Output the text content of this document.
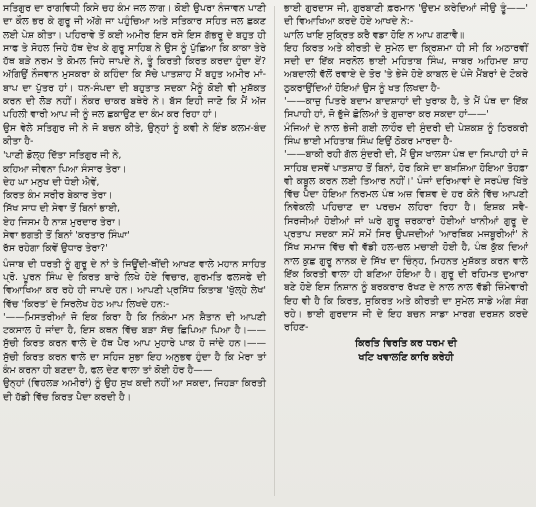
ਸਤਿਗੁਰ ਦਾ ਰਾਗਵਿਧੀ ਕਿਸੇ ਚਹ ਕੰਮ ਜਲ ਲਾਗ। ਕੋਈ ਉਪਰਾ ਨੰਜਾਵਨ ਪਾਣੀ ਦਾ ਕੌਲ ਭਰ ਕੇ ਗੁਰੂ ਜੀ ਅੱਗੇ ਜਾ ਪਹੁੰਚਿਆ ਅਤੇ ਸਤਿਕਾਰ ਸਹਿਤ ਜਲ ਛਕਣ ਲਈ ਪੇਸ਼ ਕੀਤਾ। ਪਹਿਰਾਵੇ ਤੋਂ ਕਈ ਅਮੀਰ ਇਸ ਰਸੇ ਇਸ ਗੱਭਰੂ ਦੇ ਬਹੁਤ ਹੀ ਸਾਫ ਤੇ ਸੋਹਲ ਜਿਹੇ ਹੱਥ ਦੇਖ ਕੇ ਗੁਰੂ ਸਾਹਿਬ ਨੇ ਉਸ ਨੂੰ ਪੁੱਛਿਆ ਕਿ ਕਾਕਾ ਤੇਰੇ ਹੱਥ ਬੜੇ ਨਰਮ ਤੇ ਕੋਮਲ ਜਿਹੇ ਜਾਪਦੇ ਨੇ, ਤੂੰ ਕਿਰਤੀ ਕਿਰਤ ਕਰਦਾ ਹੁੰਦਾ ਏਂ? ਅੱਗਿਉਂ ਨੌਜਵਾਨ ਮੁਸਕਰਾ ਕੇ ਕਹਿੰਦਾ ਕਿ ਸੱਚੇ ਪਾਤਸ਼ਾਹ ਮੈਂ ਬਹੁਤ ਅਮੀਰ ਮਾਂ-ਬਾਪ ਦਾ ਪੁੱਤਰ ਹਾਂ। ਧਨ-ਸੰਪਦਾ ਦੀ ਬਹੁਤਾਤ ਸਦਕਾ ਮੈਨੂੰ ਕੋਈ ਵੀ ਮੁਸ਼ੱਕਤ ਕਰਨ ਦੀ ਲੋੜ ਨਹੀਂ। ਨੌਕਰ ਚਾਕਰ ਬਥੇਰੇ ਨੇ। ਬੱਸ ਇਹੀ ਜਾਣੋ ਕਿ ਮੈਂ ਅੱਜ ਪਹਿਲੀ ਵਾਰੀ ਆਪ ਜੀ ਨੂੰ ਜਲ ਛਕਾਉਣ ਦਾ ਕੰਮ ਕਰ ਰਿਹਾ ਹਾਂ।

ਉਸ ਵੇਲੇ ਸਤਿਗੁਰ ਜੀ ਨੇ ਜੋ ਬਚਨ ਕੀਤੇ, ਉਨ੍ਹਾਂ ਨੂੰ ਕਵੀ ਨੇ ਇੰਝ ਕਲਮ-ਬੰਦ ਕੀਤਾ ਹੈ-

'ਪਾਣੀ ਡੋਲ੍ਹ ਦਿੱਤਾ ਸਤਿਗੁਰ ਜੀ ਨੇ,

ਕਹਿਆ ਜੀਵਨਾ ਪਿਆ ਸੰਸਾਰ ਤੇਰਾ।

ਦੇਹ ਘਾ ਮਨੁਖ ਦੀ ਧੋਈ ਐਵੇਂ,

ਕਿਰਤ ਕੰਮ ਸਰੀਰ ਬੇਕਾਰ ਤੇਰਾ।

ਸਿੱਖ ਸਾਧ ਦੀ ਸੇਵਾ ਤੋਂ ਬਿਨਾਂ ਭਾਈ,

ਏਹ ਜਿਸਮ ਹੈ ਨਾਸ਼ ਮੁਰਦਾਰ ਤੇਰਾ।

ਸੇਵਾ ਭਗਤੀ ਤੋਂ ਬਿਨਾਂ 'ਕਰਤਾਰ ਸਿੰਘਾ'

ਰੱਸ ਰਹੇਗਾ ਕਿਵੇਂ ਉਧਾਰ ਤੇਰਾ?'

ਪੰਜਾਬ ਦੀ ਧਰਤੀ ਨੂੰ ਗੁਰੂ ਦੇ ਨਾਂ ਤੇ ਜਿਊਂਦੀ-ਥੀਂਦੀ ਆਖਣ ਵਾਲੇ ਮਹਾਨ ਸਾਹਿਤ ਪ੍ਰੋ. ਪੂਰਨ ਸਿੰਘ ਦੇ ਕਿਰਤ ਬਾਰੇ ਲਿਖੇ ਹੋਏ ਵਿਚਾਰ, ਗੁਰਮਤਿ ਫਲਸਫੇ ਦੀ ਵਿਆਖਿਆ ਕਰ ਰਹੇ ਹੀ ਜਾਪਦੇ ਹਨ। ਆਪਣੀ ਪ੍ਰਸਿੱਧ ਕਿਤਾਬ 'ਖੁੱਲ੍ਹੇ ਲੇਖ' ਵਿੱਚ 'ਕਿਰਤ' ਦੇ ਸਿਰਲੇਖ ਹੇਠ ਆਪ ਲਿਖਦੇ ਹਨ:-

'——ਮਿਸਤਰੀਆਂ ਜੋ ਇਕ ਕਿਰਾ ਹੈ ਕਿ ਨਿਕੰਮਾ ਮਨ ਸ਼ੈਤਾਨ ਦੀ ਆਪਣੀ ਟਕਸਾਲ ਹੋ ਜਾਂਦਾ ਹੈ, ਇਸ ਕਥਨ ਵਿੱਚ ਬੜਾ ਸੱਚ ਛਿਪਿਆ ਪਿਆ ਹੈ।——ਸੁੱਚੀ ਕਿਰਤ ਕਰਨ ਵਾਲੇ ਦੇ ਹੱਥ ਪੈਰ ਆਪ ਮੁਹਾਰੇ ਪਾਕ ਹੋ ਜਾਂਦੇ ਹਨ।——ਸੁੱਚੀ ਕਿਰਤ ਕਰਨ ਵਾਲੇ ਦਾ ਸਹਿਜ ਸੁਭਾ ਇਹ ਅਨੁਭਵ ਹੁੰਦਾ ਹੈ ਕਿ ਮੇਰਾ ਤਾਂ ਕੰਮ ਕਰਨਾ ਹੀ ਬਣਦਾ ਹੈ, ਫਲ ਦੇਣ ਵਾਲਾ ਤਾਂ ਕੋਈ ਹੋਰ ਹੈ——

ਉਨ੍ਹਾਂ (ਵਿਹਲੜ ਅਮੀਰਾਂ) ਨੂੰ ਉਹ ਸੁਖ ਕਦੀ ਨਹੀਂ ਆ ਸਕਦਾ, ਜਿਹੜਾ ਕਿਰਤੀ ਦੀ ਹੱਡੀ ਵਿੱਚ ਕਿਰਤ ਪੈਦਾ ਕਰਦੀ ਹੈ।

ਭਾਈ ਗੁਰਦਾਸ ਜੀ, ਗੁਰਬਾਣੀ ਫ਼ਰਮਾਨ 'ਉਦਮ ਕਰੇਦਿਆਂ ਜੀਉ ਤੂੰ——' ਦੀ ਵਿਆਖਿਆ ਕਰਦੇ ਹੋਏ ਆਖਦੇ ਨੇ:-

ਘਾਲਿ ਖਾਇ ਸੁਕ੍ਰਿਤ ਕਰੈ ਵਡਾ ਹੋਇ ਨ ਆਪ ਗਣਾਵੈ॥

ਇਹ ਕਿਰਤ ਅਤੇ ਕੀਰਤੀ ਦੇ ਸੁਮੇਲ ਦਾ ਕ੍ਰਿਸ਼ਮਾ ਹੀ ਸੀ ਕਿ ਅਠਾਰਵੀਂ ਸਦੀ ਦਾ ਇੱਕ ਸਰਨੋਲ ਭਾਈ ਮਹਿਤਾਬ ਸਿੰਘ, ਜਾਬਰ ਅਹਿਮਦ ਸ਼ਾਹ ਅਬਦਾਲੀ ਵੱਲੋਂ ਰਵਾਏ ਦੇ ਤੋਰ 'ਤੇ ਭੇਜੇ ਹੋਏ ਕਾਬਲ ਦੇ ਪੰਜੇ ਮੈਂਬਰਾਂ ਦੇ ਟੋਕਰੇ ਠੁਕਰਾਉਂਦਿਆਂ ਹੋਇਆਂ ਉਸ ਨੂੰ ਖਤ ਲਿਖਦਾ ਹੈ-

'——ਕਾਜ਼ੁ ਪਿਤਰੇ ਬਦਾਮ ਬਾਦਸ਼ਾਹਾਂ ਦੀ ਖੁਰਾਕ ਹੈ, ਤੇ ਮੈਂ ਪੰਥ ਦਾ ਇੱਕ ਸਿਪਾਹੀ ਹਾਂ, ਜੋ ਭੁੱਜੇ ਛੋਲਿਆਂ ਤੇ ਗੁਜ਼ਾਰਾ ਕਰ ਸਕਦਾ ਹਾਂ——'

ਮੰਜਿਆਂ ਦੇ ਨਾਲ ਭੇਜੀ ਗਈ ਲਾਹੌਰ ਦੀ ਸੁੰਦਰੀ ਦੀ ਪੇਸ਼ਕਸ਼ ਨੂੰ ਠਿਰਕਰੀ ਸਿੰਘ ਭਾਈ ਮਹਿਤਾਬ ਸਿੰਘ ਇਉਂ ਠੋਕਰ ਮਾਰਦਾ ਹੈ-

'——ਬਾਕੀ ਰਹੀ ਗੱਲ ਸੁੰਦਰੀ ਦੀ, ਮੈਂ ਉਸ ਖਾਲਸਾ ਪੰਥ ਦਾ ਸਿਪਾਹੀ ਹਾਂ ਜੋ ਸਾਹਿਬ ਦਸਵੇਂ ਪਾਤਸ਼ਾਹ ਤੋਂ ਬਿਨਾਂ, ਹੋਰ ਕਿਸੇ ਦਾ ਬਖ਼ਸ਼ਿਆ ਹੋਇਆ ਤੋਹਫ਼ਾ ਵੀ ਕਬੂਲ ਕਰਨ ਲਈ ਤਿਆਰ ਨਹੀਂ।' ਪੰਜਾਂ ਦਰਿਆਵਾਂ ਦੇ ਸਰਪੰਚ ਖਿੱਤੇ ਵਿੱਚ ਪੈਦਾ ਹੋਇਆ ਨਿਰਮਲ ਪੰਥ ਅਜ਼ ਵਿਸ਼ਵ ਦੇ ਹਰ ਕੋਨੇ ਵਿੱਚ ਆਪਣੀ ਨਿਵੇਕਲੀ ਪਹਿਚਾਣ ਦਾ ਪਰਚਮ ਲਹਿਰਾ ਰਿਹਾ ਹੈ। ਇਸ਼ਕ ਸਵੈ-ਸਿਰਜੀਆਂ ਹੋਈਆਂ ਜਾਂ ਘਰੇ ਗੁਰੂ ਜ਼ਰਕਾਰਾਂ ਹੋਈਆਂ ਖਾਨੀਆਂ ਗੁਰੂ ਦੇ ਪ੍ਰਤਾਪ ਸਦਕਾ ਸਮੇਂ ਸਮੇਂ ਸਿਰ ਉਪਜਦੀਆਂ 'ਆਰਥਿਕ ਮਜਬੂਰੀਆਂ' ਨੇ ਸਿੱਖ ਸਮਾਜ ਵਿੱਚ ਵੀ ਵੱਡੀ ਹਲ-ਚਲ ਮਚਾਈ ਹੋਈ ਹੈ, ਪੰਥ ਕੁੱਕ ਦਿਆਂ ਨਾਲ ਕੁਛ ਗੁਰੂ ਨਾਨਕ ਦੇ ਸਿੱਖ ਦਾ ਚਿੰਨ੍ਹ, ਮਿਹਨਤ ਮੁਸ਼ੱਕਤ ਕਰਨ ਵਾਲੇ ਇੱਕ ਕਿਰਤੀ ਵਾਲਾ ਹੀ ਬਣਿਆ ਹੋਇਆ ਹੈ। ਗੁਰੂ ਦੀ ਰਹਿਮਤ ਦੁਆਰਾ ਬਣੇ ਹੋਏ ਇਸ ਨਿਸ਼ਾਨ ਨੂੰ ਬਰਕਰਾਰ ਰੱਖਣ ਦੇ ਨਾਲ ਨਾਲ ਵੱਡੀ ਜ਼ਿੰਮੇਵਾਰੀ ਇਹ ਵੀ ਹੈ ਕਿ ਕਿਰਤ, ਸੁਕਿਰਤ ਅਤੇ ਕੀਰਤੀ ਦਾ ਸੁਮੇਲ ਸਾਡੇ ਅੰਗ ਸੰਗ ਰਹੇ। ਭਾਈ ਗੁਰਦਾਸ ਜੀ ਦੇ ਇਹ ਬਚਨ ਸਾਡਾ ਮਾਰਗ ਦਰਸ਼ਨ ਕਰਦੇ ਰਹਿਣ-

ਕਿਰਤਿ ਵਿਰਤਿ ਕਰ ਧਰਮ ਦੀ

ਖਟਿ ਖਵਾਲਣਿ ਕਾਰਿ ਕਰੇਹੀ
